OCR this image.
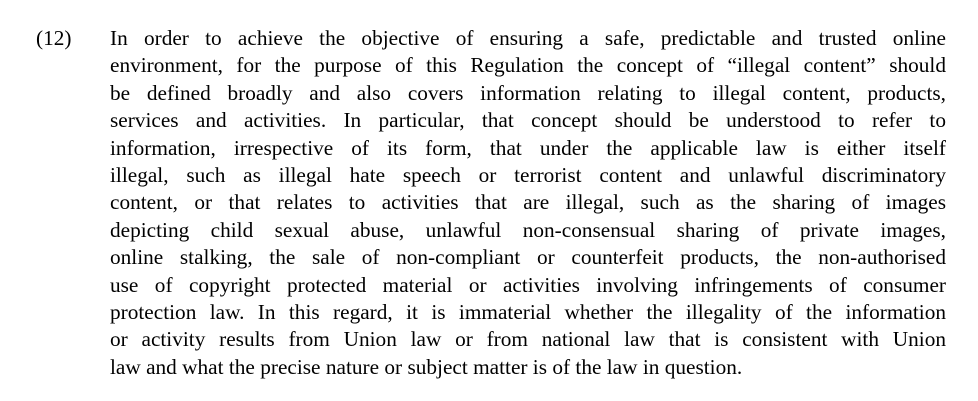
(12) In order to achieve the objective of ensuring a safe, predictable and trusted online
environment, for the purpose of this Regulation the concept of “illegal content” should
be defined broadly and also covers information relating to illegal content, products,
services and activities. In particular, that concept should be understood to refer to
information, irrespective of its form, that under the applicable law is either itself
illegal, such as illegal hate speech or terrorist content and unlawful discriminatory
content, or that relates to activities that are illegal, such as the sharing of images
depicting child sexual abuse, unlawful non-consensual sharing of private images,
online stalking, the sale of non-compliant or counterfeit products, the non-authorised
use of copyright protected material or activities involving infringements of consumer
protection law. In this regard, it is immaterial whether the illegality of the information
or activity results from Union law or from national law that is consistent with Union
law and what the precise nature or subject matter is of the law in question.
